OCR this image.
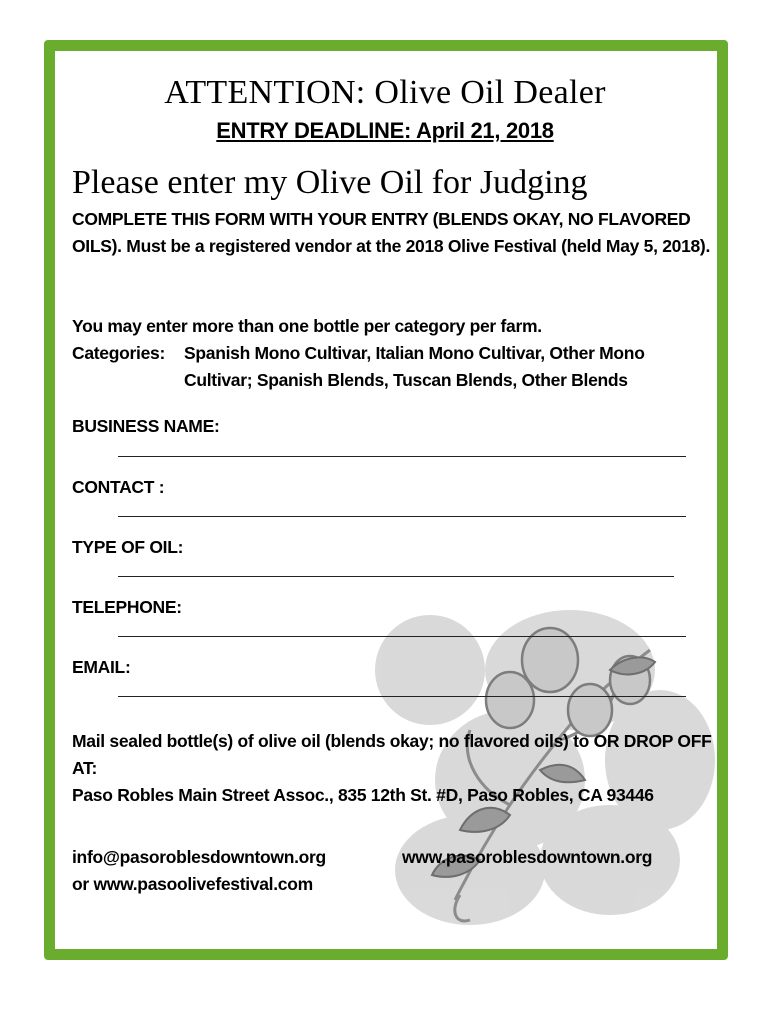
ATTENTION: Olive Oil Dealer
ENTRY DEADLINE: April 21, 2018
Please enter my Olive Oil for Judging
COMPLETE THIS FORM WITH YOUR ENTRY (BLENDS OKAY, NO FLAVORED OILS). Must be a registered vendor at the 2018 Olive Festival (held May 5, 2018).
You may enter more than one bottle per category per farm.
Categories:	Spanish Mono Cultivar, Italian Mono Cultivar, Other Mono Cultivar; Spanish Blends, Tuscan Blends, Other Blends
BUSINESS NAME:
CONTACT :
TYPE OF OIL:
TELEPHONE:
EMAIL:
Mail sealed bottle(s) of olive oil (blends okay; no flavored oils) to OR DROP OFF AT:
Paso Robles Main Street Assoc., 835 12th St. #D, Paso Robles, CA 93446
info@pasoroblesdowntown.org	www.pasoroblesdowntown.org
or www.pasoolivefestival.com
